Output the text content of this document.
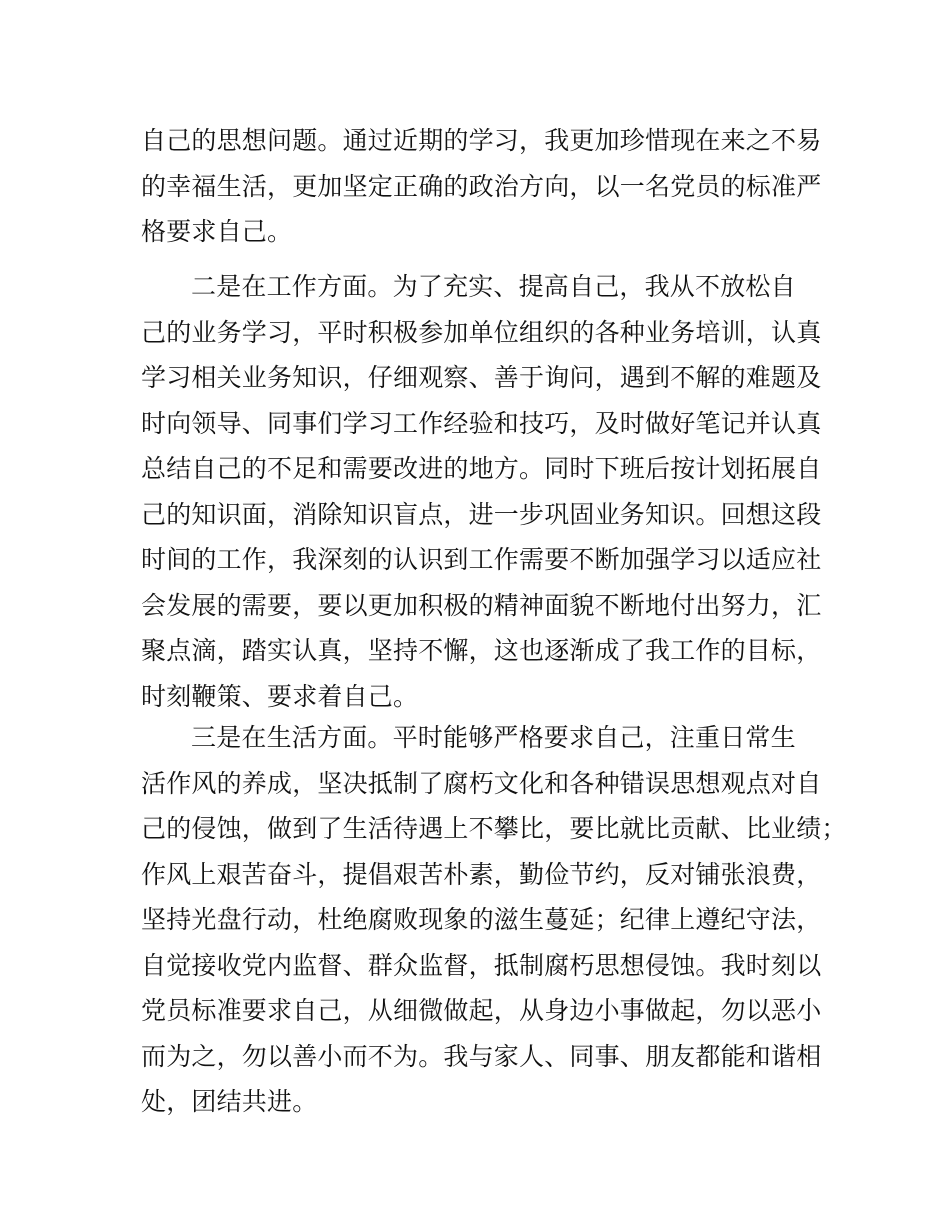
自己的思想问题。通过近期的学习，我更加珍惜现在来之不易
的幸福生活，更加坚定正确的政治方向，以一名党员的标准严
格要求自己。
二是在工作方面。为了充实、提高自己，我从不放松自
己的业务学习，平时积极参加单位组织的各种业务培训，认真
学习相关业务知识，仔细观察、善于询问，遇到不解的难题及
时向领导、同事们学习工作经验和技巧，及时做好笔记并认真
总结自己的不足和需要改进的地方。同时下班后按计划拓展自
己的知识面，消除知识盲点，进一步巩固业务知识。回想这段
时间的工作，我深刻的认识到工作需要不断加强学习以适应社
会发展的需要，要以更加积极的精神面貌不断地付出努力，汇
聚点滴，踏实认真，坚持不懈，这也逐渐成了我工作的目标，
时刻鞭策、要求着自己。
三是在生活方面。平时能够严格要求自己，注重日常生
活作风的养成，坚决抵制了腐朽文化和各种错误思想观点对自
己的侵蚀，做到了生活待遇上不攀比，要比就比贡献、比业绩；
作风上艰苦奋斗，提倡艰苦朴素，勤俭节约，反对铺张浪费，
坚持光盘行动，杜绝腐败现象的滋生蔓延；纪律上遵纪守法，
自觉接收党内监督、群众监督，抵制腐朽思想侵蚀。我时刻以
党员标准要求自己，从细微做起，从身边小事做起，勿以恶小
而为之，勿以善小而不为。我与家人、同事、朋友都能和谐相
处，团结共进。
